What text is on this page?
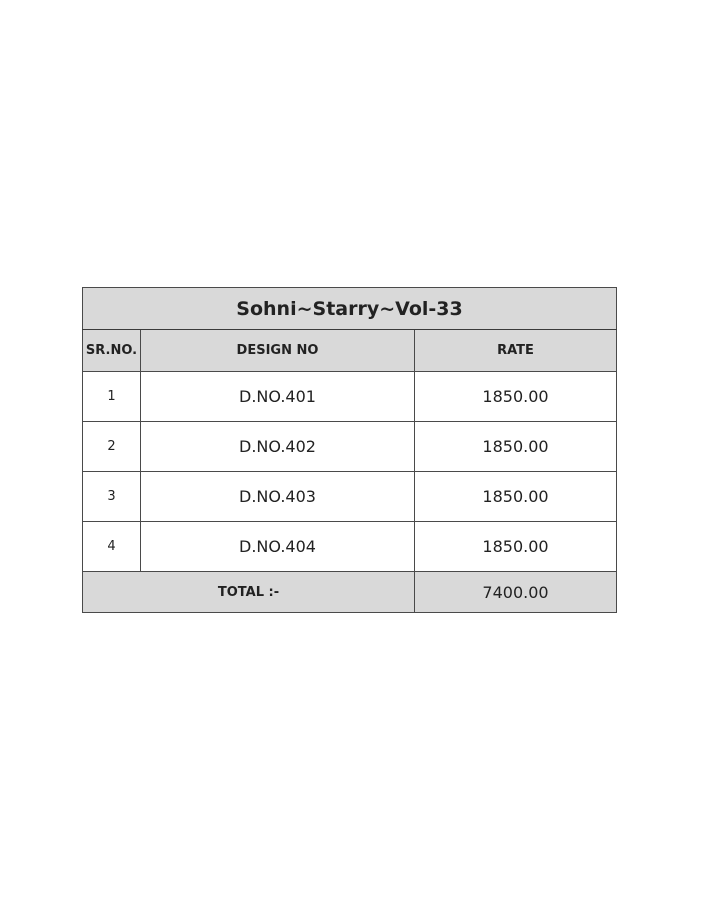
Sohni~Starry~Vol-33		
SR.NO.	DESIGN NO	RATE
1	D.NO.401	1850.00
2	D.NO.402	1850.00
3	D.NO.403	1850.00
4	D.NO.404	1850.00
TOTAL :-		7400.00
